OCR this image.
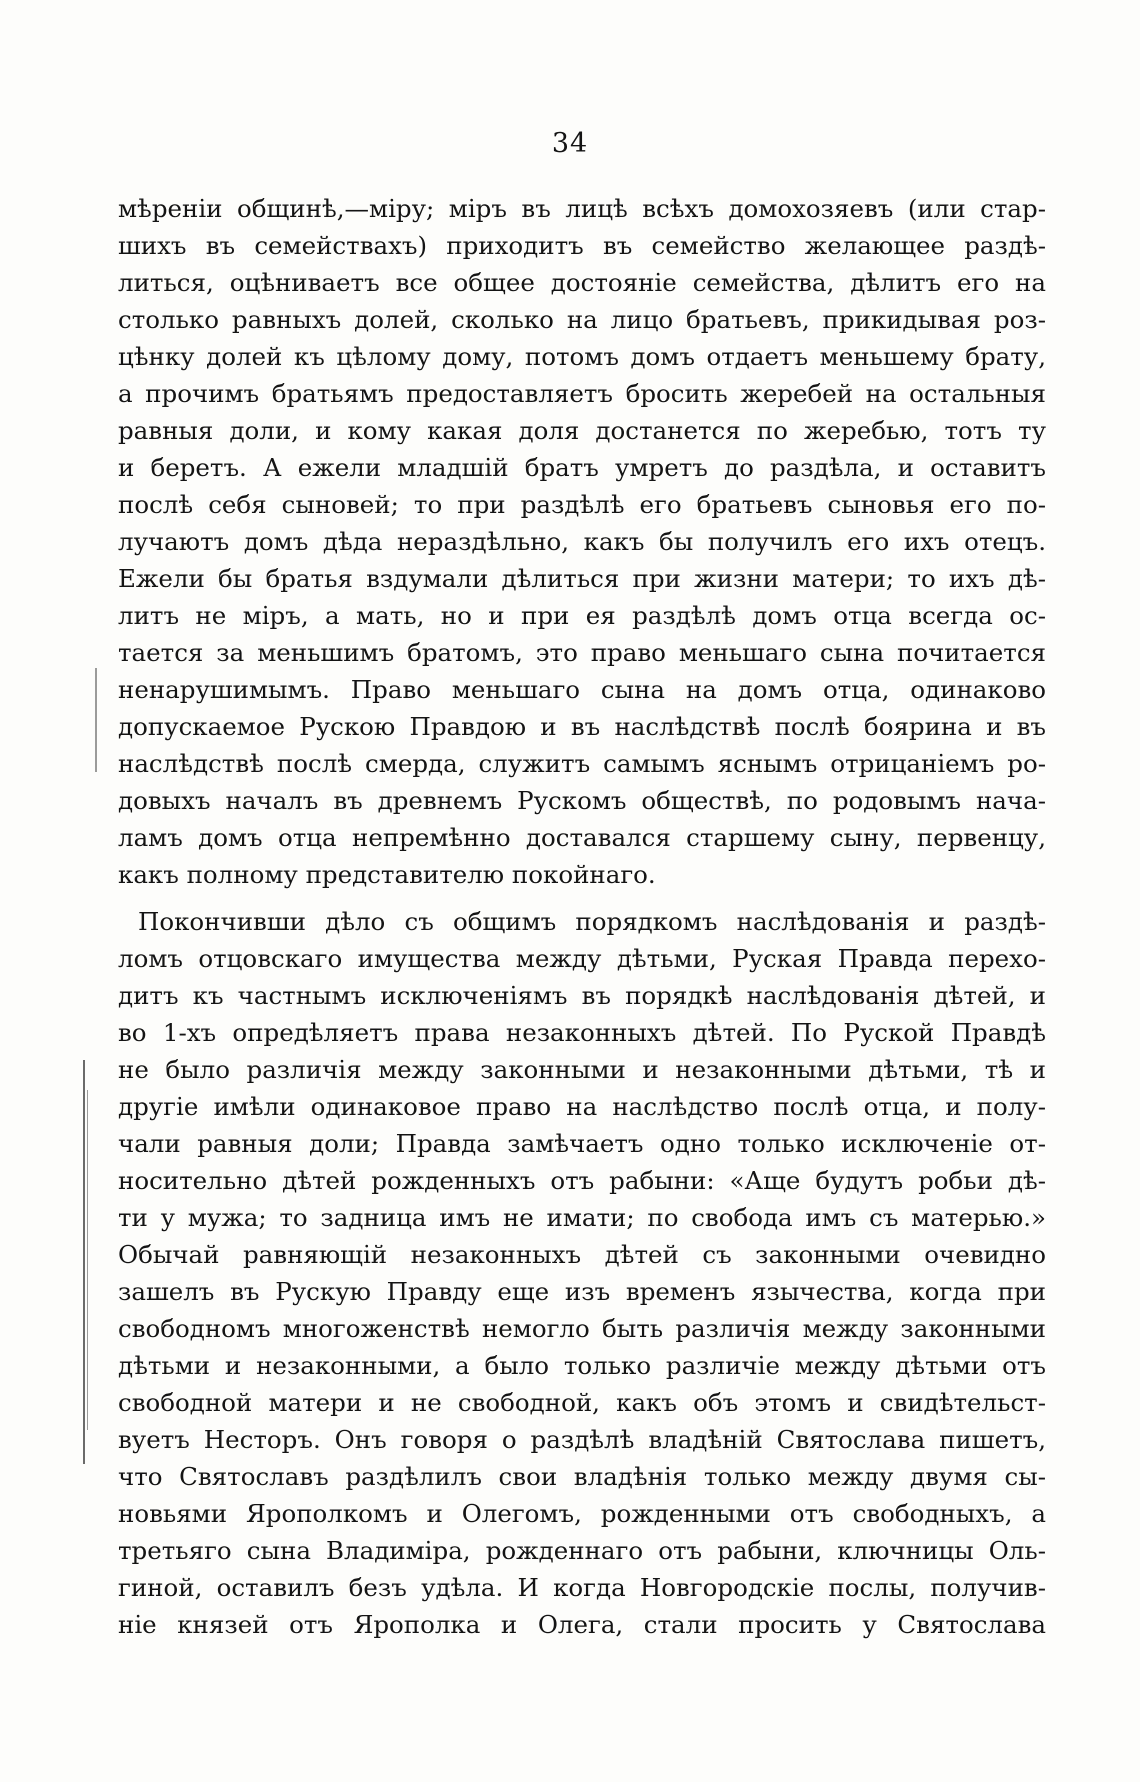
34
мѣреніи общинѣ,—міру; міръ въ лицѣ всѣхъ домохозяевъ (или стар-
шихъ въ семействахъ) приходитъ въ семейство желающее раздѣ-
литься, оцѣниваетъ все общее достояніе семейства, дѣлитъ его на
столько равныхъ долей, сколько на лицо братьевъ, прикидывая роз-
цѣнку долей къ цѣлому дому, потомъ домъ отдаетъ меньшему брату,
а прочимъ братьямъ предоставляетъ бросить жеребей на остальныя
равныя доли, и кому какая доля достанется по жеребью, тотъ ту
и беретъ. А ежели младшій братъ умретъ до раздѣла, и оставитъ
послѣ себя сыновей; то при раздѣлѣ его братьевъ сыновья его по-
лучаютъ домъ дѣда нераздѣльно, какъ бы получилъ его ихъ отецъ.
Ежели бы братья вздумали дѣлиться при жизни матери; то ихъ дѣ-
литъ не міръ, а мать, но и при ея раздѣлѣ домъ отца всегда ос-
тается за меньшимъ братомъ, это право меньшаго сына почитается
ненарушимымъ. Право меньшаго сына на домъ отца, одинаково
допускаемое Рускою Правдою и въ наслѣдствѣ послѣ боярина и въ
наслѣдствѣ послѣ смерда, служитъ самымъ яснымъ отрицаніемъ ро-
довыхъ началъ въ древнемъ Рускомъ обществѣ, по родовымъ нача-
ламъ домъ отца непремѣнно доставался старшему сыну, первенцу,
какъ полному представителю покойнаго.
Покончивши дѣло съ общимъ порядкомъ наслѣдованія и раздѣ-
ломъ отцовскаго имущества между дѣтьми, Руская Правда перехо-
дитъ къ частнымъ исключеніямъ въ порядкѣ наслѣдованія дѣтей, и
во 1-хъ опредѣляетъ права незаконныхъ дѣтей. По Руской Правдѣ
не было различія между законными и незаконными дѣтьми, тѣ и
другіе имѣли одинаковое право на наслѣдство послѣ отца, и полу-
чали равныя доли; Правда замѣчаетъ одно только исключеніе от-
носительно дѣтей рожденныхъ отъ рабыни: «Аще будутъ робьи дѣ-
ти у мужа; то задница имъ не имати; по свобода имъ съ матерью.»
Обычай равняющій незаконныхъ дѣтей съ законными очевидно
зашелъ въ Рускую Правду еще изъ временъ язычества, когда при
свободномъ многоженствѣ немогло быть различія между законными
дѣтьми и незаконными, а было только различіе между дѣтьми отъ
свободной матери и не свободной, какъ объ этомъ и свидѣтельст-
вуетъ Несторъ. Онъ говоря о раздѣлѣ владѣній Святослава пишетъ,
что Святославъ раздѣлилъ свои владѣнія только между двумя сы-
новьями Ярополкомъ и Олегомъ, рожденными отъ свободныхъ, а
третьяго сына Владиміра, рожденнаго отъ рабыни, ключницы Оль-
гиной, оставилъ безъ удѣла. И когда Новгородскіе послы, получив-
ніе князей отъ Ярополка и Олега, стали просить у Святослава
